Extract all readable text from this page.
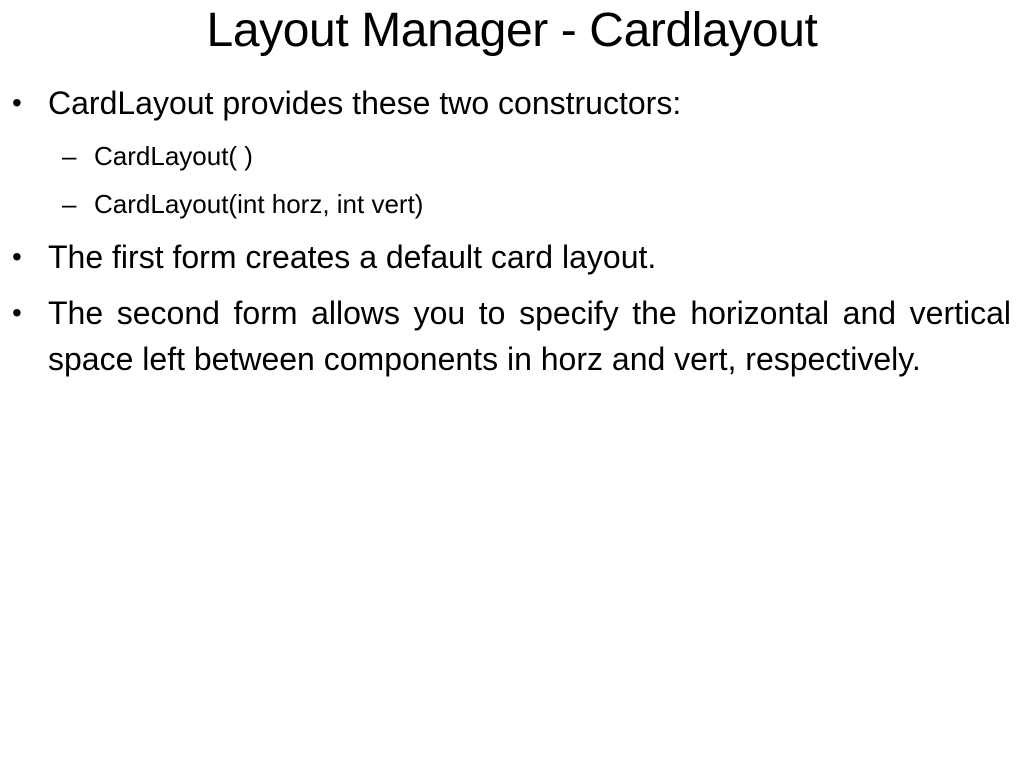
Layout Manager - Cardlayout
• CardLayout provides these two constructors:
– CardLayout( )
– CardLayout(int horz, int vert)
• The first form creates a default card layout.
• The second form allows you to specify the horizontal and vertical space left between components in horz and vert, respectively.
